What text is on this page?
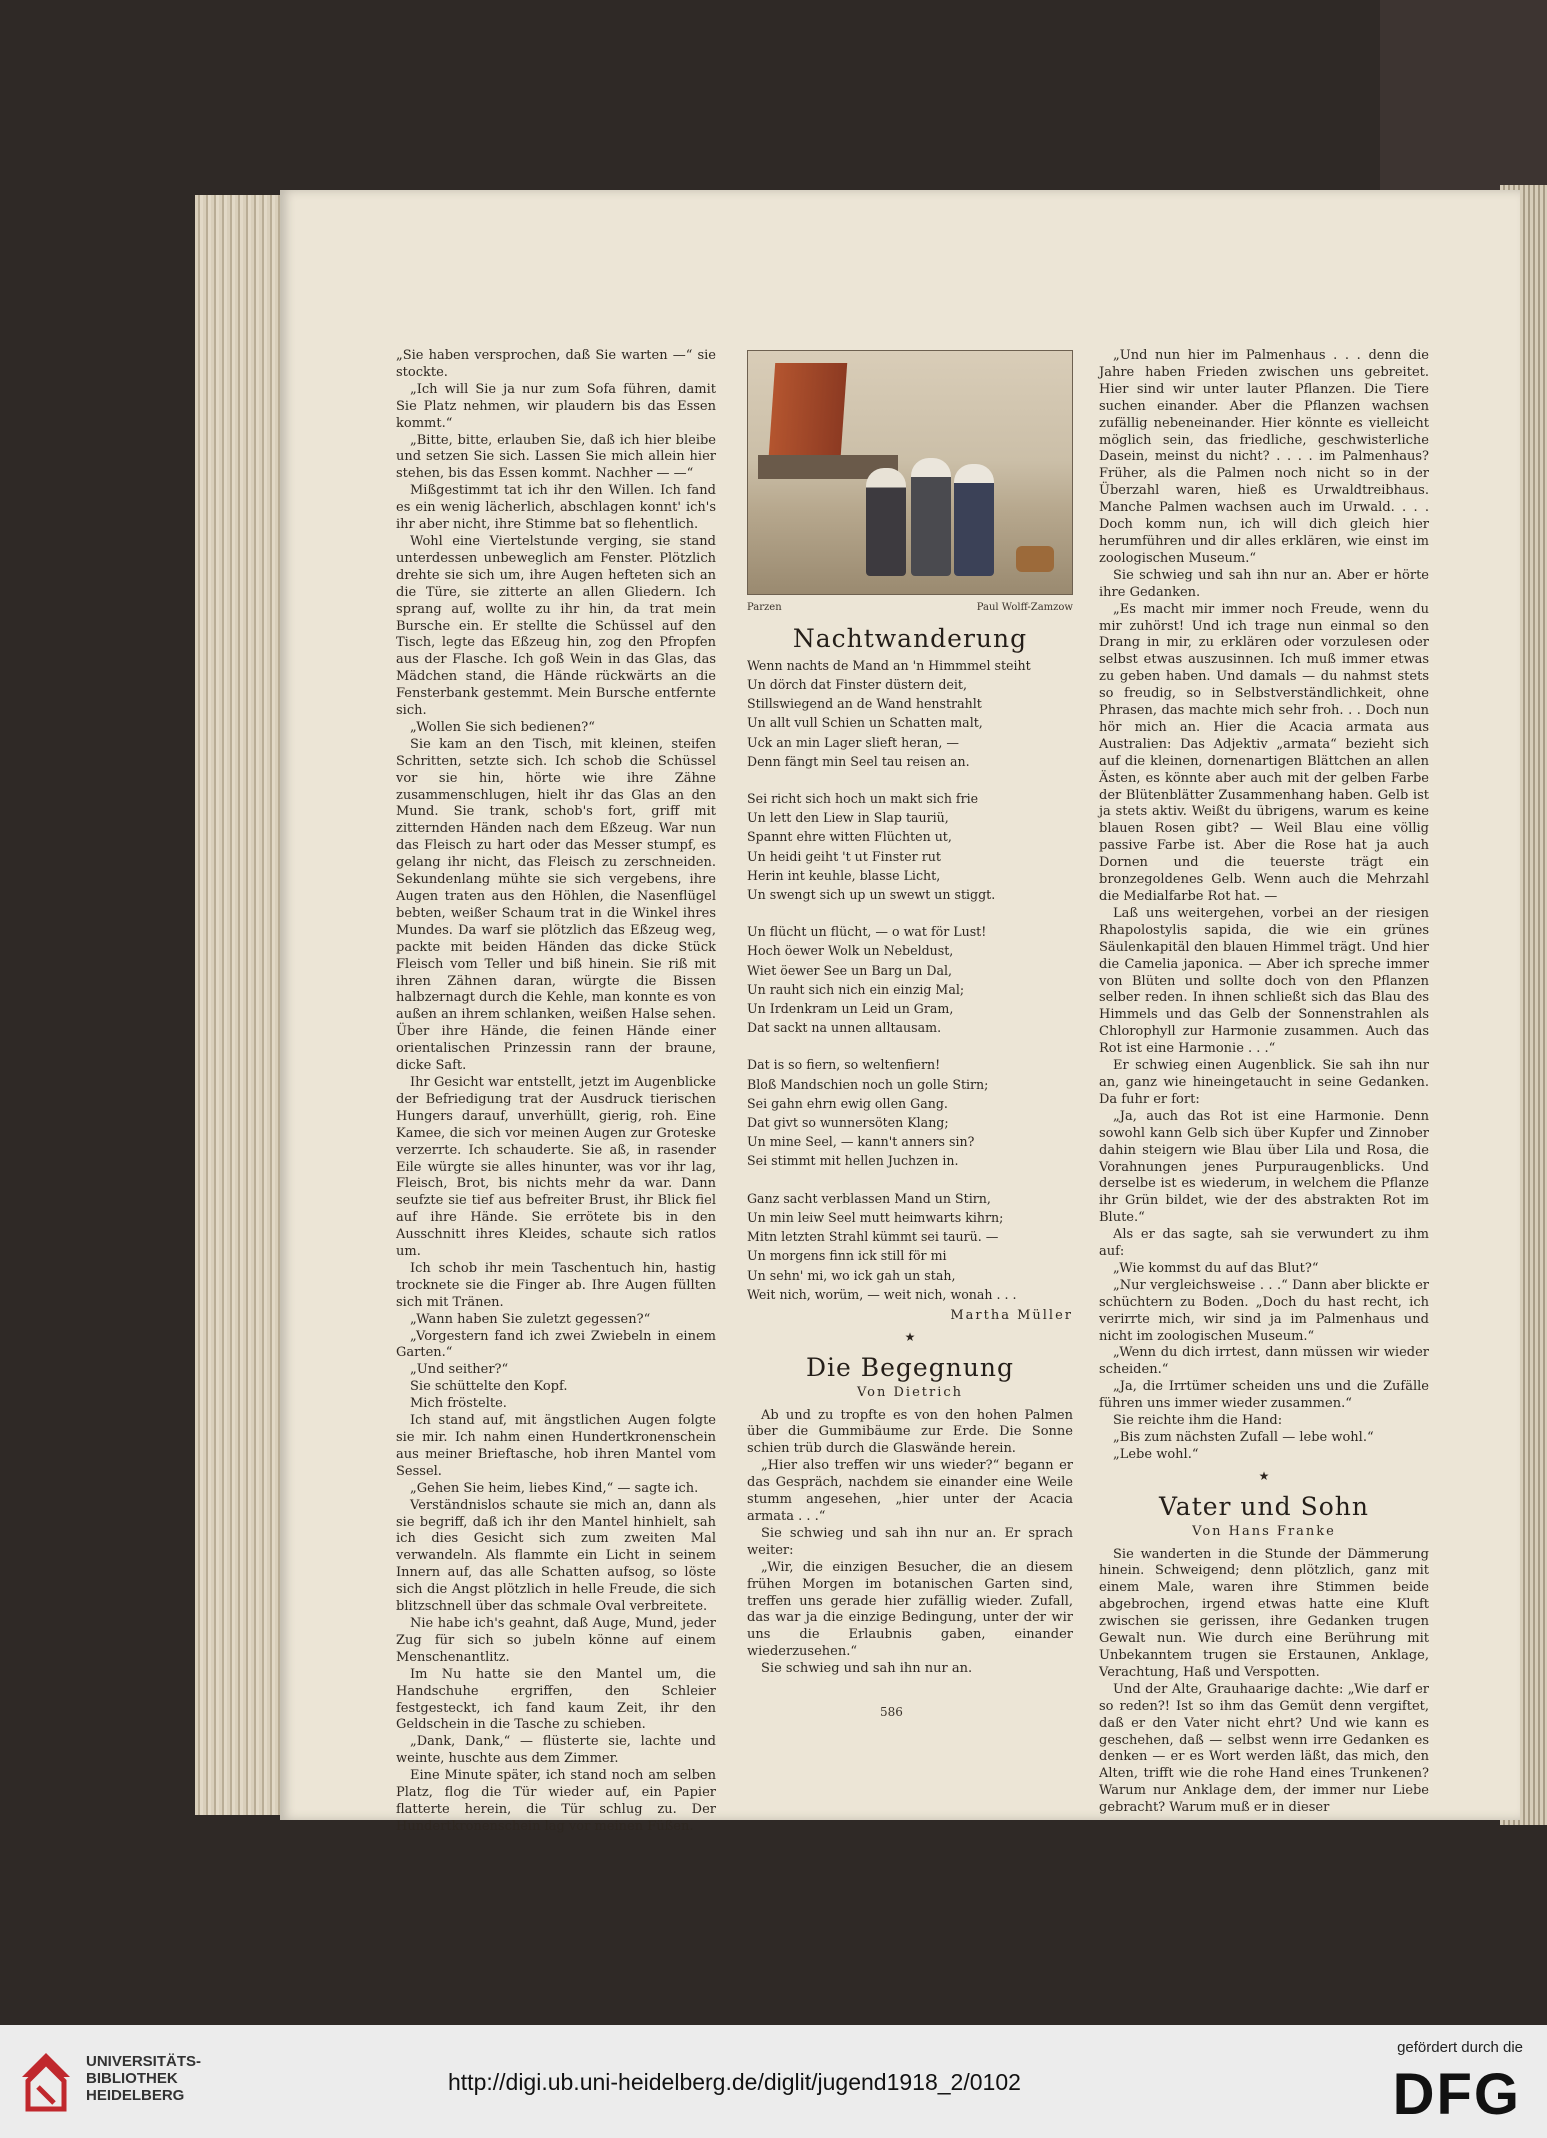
„Sie haben versprochen, daß Sie warten —“ sie stockte.

„Ich will Sie ja nur zum Sofa führen, damit Sie Platz nehmen, wir plaudern bis das Essen kommt.“

„Bitte, bitte, erlauben Sie, daß ich hier bleibe und setzen Sie sich. Lassen Sie mich allein hier stehen, bis das Essen kommt. Nachher — —“

Mißgestimmt tat ich ihr den Willen. Ich fand es ein wenig lächerlich, abschlagen konnt' ich's ihr aber nicht, ihre Stimme bat so flehentlich.

Wohl eine Viertelstunde verging, sie stand unterdessen unbeweglich am Fenster. Plötzlich drehte sie sich um, ihre Augen hefteten sich an die Türe, sie zitterte an allen Gliedern. Ich sprang auf, wollte zu ihr hin, da trat mein Bursche ein. Er stellte die Schüssel auf den Tisch, legte das Eßzeug hin, zog den Pfropfen aus der Flasche. Ich goß Wein in das Glas, das Mädchen stand, die Hände rückwärts an die Fensterbank gestemmt. Mein Bursche entfernte sich.

„Wollen Sie sich bedienen?“

Sie kam an den Tisch, mit kleinen, steifen Schritten, setzte sich. Ich schob die Schüssel vor sie hin, hörte wie ihre Zähne zusammenschlugen, hielt ihr das Glas an den Mund. Sie trank, schob's fort, griff mit zitternden Händen nach dem Eßzeug. War nun das Fleisch zu hart oder das Messer stumpf, es gelang ihr nicht, das Fleisch zu zerschneiden. Sekundenlang mühte sie sich vergebens, ihre Augen traten aus den Höhlen, die Nasenflügel bebten, weißer Schaum trat in die Winkel ihres Mundes. Da warf sie plötzlich das Eßzeug weg, packte mit beiden Händen das dicke Stück Fleisch vom Teller und biß hinein. Sie riß mit ihren Zähnen daran, würgte die Bissen halbzernagt durch die Kehle, man konnte es von außen an ihrem schlanken, weißen Halse sehen. Über ihre Hände, die feinen Hände einer orientalischen Prinzessin rann der braune, dicke Saft.

Ihr Gesicht war entstellt, jetzt im Augenblicke der Befriedigung trat der Ausdruck tierischen Hungers darauf, unverhüllt, gierig, roh. Eine Kamee, die sich vor meinen Augen zur Groteske verzerrte. Ich schauderte. Sie aß, in rasender Eile würgte sie alles hinunter, was vor ihr lag, Fleisch, Brot, bis nichts mehr da war. Dann seufzte sie tief aus befreiter Brust, ihr Blick fiel auf ihre Hände. Sie errötete bis in den Ausschnitt ihres Kleides, schaute sich ratlos um.

Ich schob ihr mein Taschentuch hin, hastig trocknete sie die Finger ab. Ihre Augen füllten sich mit Tränen.

„Wann haben Sie zuletzt gegessen?“

„Vorgestern fand ich zwei Zwiebeln in einem Garten.“

„Und seither?“

Sie schüttelte den Kopf.

Mich fröstelte.

Ich stand auf, mit ängstlichen Augen folgte sie mir. Ich nahm einen Hundertkronenschein aus meiner Brieftasche, hob ihren Mantel vom Sessel.

„Gehen Sie heim, liebes Kind,“ — sagte ich.

Verständnislos schaute sie mich an, dann als sie begriff, daß ich ihr den Mantel hinhielt, sah ich dies Gesicht sich zum zweiten Mal verwandeln. Als flammte ein Licht in seinem Innern auf, das alle Schatten aufsog, so löste sich die Angst plötzlich in helle Freude, die sich blitzschnell über das schmale Oval verbreitete.

Nie habe ich's geahnt, daß Auge, Mund, jeder Zug für sich so jubeln könne auf einem Menschenantlitz.

Im Nu hatte sie den Mantel um, die Handschuhe ergriffen, den Schleier festgesteckt, ich fand kaum Zeit, ihr den Geldschein in die Tasche zu schieben.

„Dank, Dank,“ — flüsterte sie, lachte und weinte, huschte aus dem Zimmer.

Eine Minute später, ich stand noch am selben Platz, flog die Tür wieder auf, ein Papier flatterte herein, die Tür schlug zu. Der Hundertkronenschein lag vor meinen Füßen.

Parzen	Paul Wolff-Zamzow
Nachtwanderung
Wenn nachts de Mand an 'n Himmmel steiht
Un dörch dat Finster düstern deit,
Stillswiegend an de Wand henstrahlt
Un allt vull Schien un Schatten malt,
Uck an min Lager slieft heran, —
Denn fängt min Seel tau reisen an.
Sei richt sich hoch un makt sich frie
Un lett den Liew in Slap tauriü,
Spannt ehre witten Flüchten ut,
Un heidi geiht 't ut Finster rut
Herin int keuhle, blasse Licht,
Un swengt sich up un swewt un stiggt.
Un flücht un flücht, — o wat för Lust!
Hoch öewer Wolk un Nebeldust,
Wiet öewer See un Barg un Dal,
Un rauht sich nich ein einzig Mal;
Un Irdenkram un Leid un Gram,
Dat sackt na unnen alltausam.
Dat is so fiern, so weltenfiern!
Bloß Mandschien noch un golle Stirn;
Sei gahn ehrn ewig ollen Gang.
Dat givt so wunnersöten Klang;
Un mine Seel, — kann't anners sin?
Sei stimmt mit hellen Juchzen in.
Ganz sacht verblassen Mand un Stirn,
Un min leiw Seel mutt heimwarts kihrn;
Mitn letzten Strahl kümmt sei taurü. —
Un morgens finn ick still för mi
Un sehn' mi, wo ick gah un stah,
Weit nich, worüm, — weit nich, wonah . . .
Martha Müller
★
Die Begegnung
Von Dietrich

Ab und zu tropfte es von den hohen Palmen über die Gummibäume zur Erde. Die Sonne schien trüb durch die Glaswände herein.

„Hier also treffen wir uns wieder?“ begann er das Gespräch, nachdem sie einander eine Weile stumm angesehen, „hier unter der Acacia armata . . .“

Sie schwieg und sah ihn nur an. Er sprach weiter:

„Wir, die einzigen Besucher, die an diesem frühen Morgen im botanischen Garten sind, treffen uns gerade hier zufällig wieder. Zufall, das war ja die einzige Bedingung, unter der wir uns die Erlaubnis gaben, einander wiederzusehen.“

Sie schwieg und sah ihn nur an.

„Und nun hier im Palmenhaus . . . denn die Jahre haben Frieden zwischen uns gebreitet. Hier sind wir unter lauter Pflanzen. Die Tiere suchen einander. Aber die Pflanzen wachsen zufällig nebeneinander. Hier könnte es vielleicht möglich sein, das friedliche, geschwisterliche Dasein, meinst du nicht? . . . . im Palmenhaus? Früher, als die Palmen noch nicht so in der Überzahl waren, hieß es Urwaldtreibhaus. Manche Palmen wachsen auch im Urwald. . . . Doch komm nun, ich will dich gleich hier herumführen und dir alles erklären, wie einst im zoologischen Museum.“

Sie schwieg und sah ihn nur an. Aber er hörte ihre Gedanken.

„Es macht mir immer noch Freude, wenn du mir zuhörst! Und ich trage nun einmal so den Drang in mir, zu erklären oder vorzulesen oder selbst etwas auszusinnen. Ich muß immer etwas zu geben haben. Und damals — du nahmst stets so freudig, so in Selbstverständlichkeit, ohne Phrasen, das machte mich sehr froh. . . Doch nun hör mich an. Hier die Acacia armata aus Australien: Das Adjektiv „armata“ bezieht sich auf die kleinen, dornenartigen Blättchen an allen Ästen, es könnte aber auch mit der gelben Farbe der Blütenblätter Zusammenhang haben. Gelb ist ja stets aktiv. Weißt du übrigens, warum es keine blauen Rosen gibt? — Weil Blau eine völlig passive Farbe ist. Aber die Rose hat ja auch Dornen und die teuerste trägt ein bronzegoldenes Gelb. Wenn auch die Mehrzahl die Medialfarbe Rot hat. —

Laß uns weitergehen, vorbei an der riesigen Rhapolostylis sapida, die wie ein grünes Säulenkapitäl den blauen Himmel trägt. Und hier die Camelia japonica. — Aber ich spreche immer von Blüten und sollte doch von den Pflanzen selber reden. In ihnen schließt sich das Blau des Himmels und das Gelb der Sonnenstrahlen als Chlorophyll zur Harmonie zusammen. Auch das Rot ist eine Harmonie . . .“

Er schwieg einen Augenblick. Sie sah ihn nur an, ganz wie hineingetaucht in seine Gedanken. Da fuhr er fort:

„Ja, auch das Rot ist eine Harmonie. Denn sowohl kann Gelb sich über Kupfer und Zinnober dahin steigern wie Blau über Lila und Rosa, die Vorahnungen jenes Purpuraugenblicks. Und derselbe ist es wiederum, in welchem die Pflanze ihr Grün bildet, wie der des abstrakten Rot im Blute.“

Als er das sagte, sah sie verwundert zu ihm auf:

„Wie kommst du auf das Blut?“

„Nur vergleichsweise . . .“ Dann aber blickte er schüchtern zu Boden. „Doch du hast recht, ich verirrte mich, wir sind ja im Palmenhaus und nicht im zoologischen Museum.“

„Wenn du dich irrtest, dann müssen wir wieder scheiden.“

„Ja, die Irrtümer scheiden uns und die Zufälle führen uns immer wieder zusammen.“

Sie reichte ihm die Hand:

„Bis zum nächsten Zufall — lebe wohl.“

„Lebe wohl.“

★
Vater und Sohn
Von Hans Franke

Sie wanderten in die Stunde der Dämmerung hinein. Schweigend; denn plötzlich, ganz mit einem Male, waren ihre Stimmen beide abgebrochen, irgend etwas hatte eine Kluft zwischen sie gerissen, ihre Gedanken trugen Gewalt nun. Wie durch eine Berührung mit Unbekanntem trugen sie Erstaunen, Anklage, Verachtung, Haß und Verspotten.

Und der Alte, Grauhaarige dachte: „Wie darf er so reden?! Ist so ihm das Gemüt denn vergiftet, daß er den Vater nicht ehrt? Und wie kann es geschehen, daß — selbst wenn irre Gedanken es denken — er es Wort werden läßt, das mich, den Alten, trifft wie die rohe Hand eines Trunkenen? Warum nur Anklage dem, der immer nur Liebe gebracht? Warum muß er in dieser

586
UNIVERSITÄTS-
BIBLIOTHEK
HEIDELBERG
http://digi.ub.uni-heidelberg.de/diglit/jugend1918_2/0102
gefördert durch die
DFG
